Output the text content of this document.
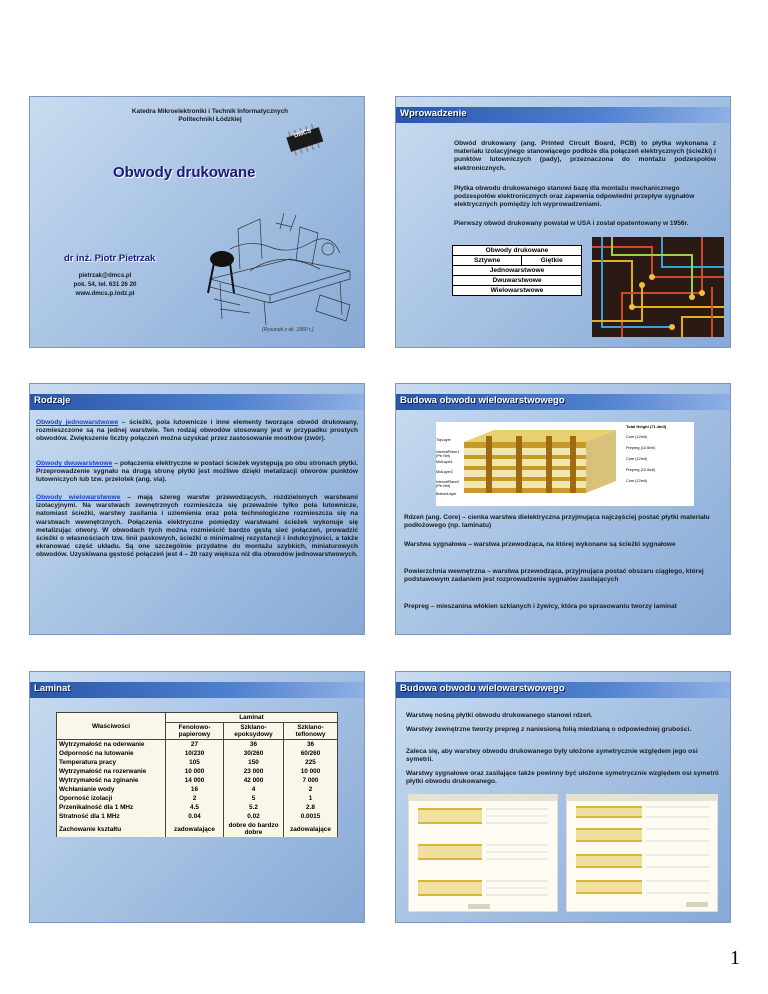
Katedra Mikroelektroniki i Technik Informatycznych
Politechniki Łódzkiej
DMCS
Obwody drukowane
(Rysunek z ok. 1960 r.)
dr inż. Piotr Pietrzak
pietrzak@dmcs.pl
pok. 54, tel. 631 26 20
www.dmcs.p.lodz.pl
Wprowadzenie
Obwód drukowany (ang. Printed Circuit Board, PCB) to płytka wykonana z materiału izolacyjnego stanowiącego podłoże dla połączeń elektrycznych (ścieżki) i punktów lutowniczych (pady), przeznaczona do montażu podzespołów elektronicznych.
Płytka obwodu drukowanego stanowi bazę dla montażu mechanicznego podzespołów elektronicznych oraz zapewnia odpowiedni przepływ sygnałów elektrycznych pomiędzy ich wyprowadzeniami.
Pierwszy obwód drukowany powstał w USA i został opatentowany w 1956r.
Obwody drukowane
Sztywne	Giętkie
Jednowarstwowe
Dwuwarstwowe
Wielowarstwowe
Rodzaje
Obwody jednowarstwowe – ścieżki, pola lutownicze i inne elementy tworzące obwód drukowany, rozmieszczone są na jednej warstwie. Ten rodzaj obwodów stosowany jest w przypadku prostych obwodów. Zwiększenie liczby połączeń można uzyskać przez zastosowanie mostków (zwór).
Obwody dwuwarstwowe – połączenia elektryczne w postaci ścieżek występują po obu stronach płytki. Przeprowadzenie sygnału na drugą stronę płytki jest możliwe dzięki metalizacji otworów punktów lutowniczych lub tzw. przelotek (ang. via).
Obwody wielowarstwowe – mają szereg warstw przewodzących, rozdzielonych warstwami izolacyjnymi. Na warstwach zewnętrznych rozmieszcza się przeważnie tylko pola lutownicze, natomiast ścieżki, warstwy zasilania i uziemienia oraz pola technologiczne rozmieszcza się na warstwach wewnętrznych. Połączenia elektryczne pomiędzy warstwami ścieżek wykonuje się metalizując otwory. W obwodach tych można rozmieścić bardzo gęstą sieć połączeń, prowadzić ścieżki o własnościach tzw. linii paskowych, ścieżki o minimalnej rezystancji i indukcyjności, a także ekranować część układu. Są one szczególnie przydatne do montażu szybkich, miniaturowych obwodów. Uzyskiwana gęstość połączeń jest 4 – 20 razy większa niż dla obwodów jednowarstwowych.
Budowa obwodu wielowarstwowego
TopLayer
InternalPlane1 (Pin Net)
MidLayer1
MidLayer2
InternalPlane2 (Pin Net)
BottomLayer
Total Height (71.4mil)
Core (12mil)
Prepreg (12.6mil)
Core (12mil)
Prepreg (12.6mil)
Core (12mil)
Rdzeń (ang. Core) – cienka warstwa dielektryczna przyjmująca najczęściej postać płytki materiału podłożowego (np. laminatu)
Warstwa sygnałowa – warstwa przewodząca, na której wykonane są ścieżki sygnałowe
Powierzchnia wewnętrzna – warstwa przewodząca, przyjmująca postać obszaru ciągłego, której podstawowym zadaniem jest rozprowadzenie sygnałów zasilających
Prepreg – mieszanina włókien szklanych i żywicy, która po sprasowaniu tworzy laminat
Laminat
Właściwości	Laminat		
	Fenolowo-papierowy	Szklano-epoksydowy	Szklano-teflonowy
Wytrzymałość na oderwanie	27	36	36
Odporność na lutowanie	10/230	30/260	60/260
Temperatura pracy	105	150	225
Wytrzymałość na rozerwanie	10 000	23 000	10 000
Wytrzymałość na zginanie	14 000	42 000	7 000
Wchłanianie wody	16	4	2
Oporność izolacji	2	5	1
Przenikalność dla 1 MHz	4.5	5.2	2.8
Stratność dla 1 MHz	0.04	0.02	0.0015
Zachowanie kształtu	zadowalające	dobre do bardzo dobre	zadowalające
Budowa obwodu wielowarstwowego
Warstwę nośną płytki obwodu drukowanego stanowi rdzeń.
Warstwy zewnętrzne tworzy prepreg z naniesioną folią miedzianą o odpowiedniej grubości.
Zaleca się, aby warstwy obwodu drukowanego były ułożone symetrycznie względem jego osi symetrii.
Warstwy sygnałowe oraz zasilające także powinny być ułożone symetrycznie względem osi symetrii płytki obwodu drukowanego.
1
